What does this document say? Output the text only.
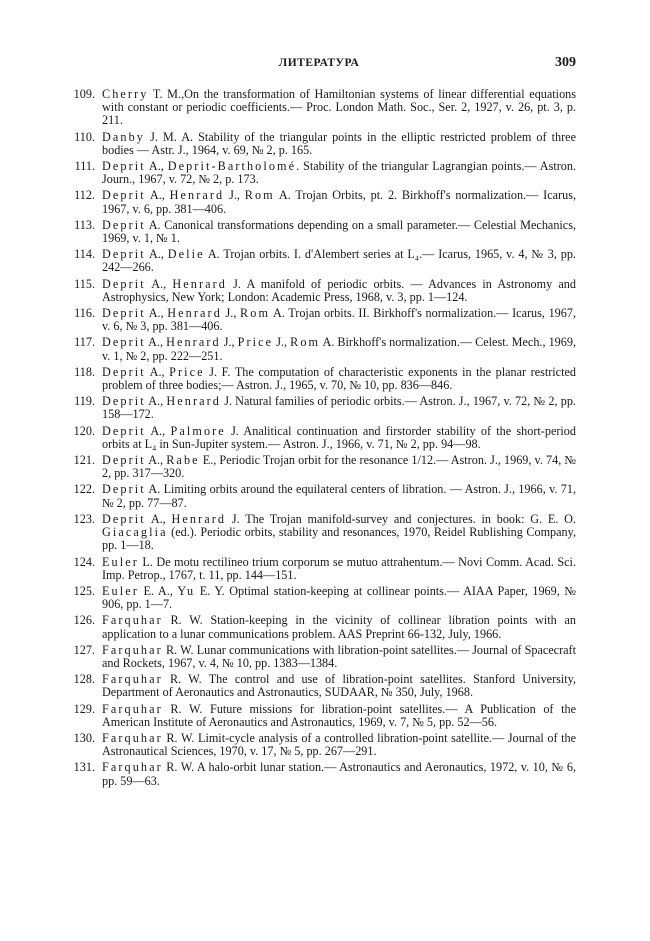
ЛИТЕРАТУРА	309
109. Cherry T. M.,On the transformation of Hamiltonian systems of linear differential equations with constant or periodic coefficients.— Proc. London Math. Soc., Ser. 2, 1927, v. 26, pt. 3, p. 211.
110. Danby J. M. A. Stability of the triangular points in the elliptic restricted problem of three bodies — Astr. J., 1964, v. 69, № 2, p. 165.
111. Deprit A., Deprit-Bartholomé. Stability of the triangular Lagrangian points.— Astron. Journ., 1967, v. 72, № 2, p. 173.
112. Deprit A., Henrard J., Rom A. Trojan Orbits, pt. 2. Birkhoff's normalization.— Icarus, 1967, v. 6, pp. 381—406.
113. Deprit A. Canonical transformations depending on a small parameter.— Celestial Mechanics, 1969, v. 1, № 1.
114. Deprit A., Delie A. Trojan orbits. I. d'Alembert series at L₄.— Icarus, 1965, v. 4, № 3, pp. 242—266.
115. Deprit A., Henrard J. A manifold of periodic orbits. — Advances in Astronomy and Astrophysics, New York; London: Academic Press, 1968, v. 3, pp. 1—124.
116. Deprit A., Henrard J., Rom A. Trojan orbits. II. Birkhoff's normalization.— Icarus, 1967, v. 6, № 3, pp. 381—406.
117. Deprit A., Henrard J., Price J., Rom A. Birkhoff's normalization.— Celest. Mech., 1969, v. 1, № 2, pp. 222—251.
118. Deprit A., Price J. F. The computation of characteristic exponents in the planar restricted problem of three bodies;— Astron. J., 1965, v. 70, № 10, pp. 836—846.
119. Deprit A., Henrard J. Natural families of periodic orbits.— Astron. J., 1967, v. 72, № 2, pp. 158—172.
120. Deprit A., Palmore J. Analitical continuation and firstorder stability of the short-period orbits at L₄ in Sun-Jupiter system.— Astron. J., 1966, v. 71, № 2, pp. 94—98.
121. Deprit A., Rabe E., Periodic Trojan orbit for the resonance 1/12.— Astron. J., 1969, v. 74, № 2, pp. 317—320.
122. Deprit A. Limiting orbits around the equilateral centers of libration. — Astron. J., 1966, v. 71, № 2, pp. 77—87.
123. Deprit A., Henrard J. The Trojan manifold-survey and conjectures. in book: G. E. O. Giacaglia (ed.). Periodic orbits, stability and resonances, 1970, Reidel Rublishing Company, pp. 1—18.
124. Euler L. De motu rectilineo trium corporum se mutuo attrahentum.— Novi Comm. Acad. Sci. Imp. Petrop., 1767, t. 11, pp. 144—151.
125. Euler E. A., Yu E. Y. Optimal station-keeping at collinear points.— AIAA Paper, 1969, № 906, pp. 1—7.
126. Farquhar R. W. Station-keeping in the vicinity of collinear libration points with an application to a lunar communications problem. AAS Preprint 66-132, July, 1966.
127. Farquhar R. W. Lunar communications with libration-point satellites.— Journal of Spacecraft and Rockets, 1967, v. 4, № 10, pp. 1383—1384.
128. Farquhar R. W. The control and use of libration-point satellites. Stanford University, Department of Aeronautics and Astronautics, SUDAAR, № 350, July, 1968.
129. Farquhar R. W. Future missions for libration-point satellites.— A Publication of the American Institute of Aeronautics and Astronautics, 1969, v. 7, № 5, pp. 52—56.
130. Farquhar R. W. Limit-cycle analysis of a controlled libration-point satellite.— Journal of the Astronautical Sciences, 1970, v. 17, № 5, pp. 267—291.
131. Farquhar R. W. A halo-orbit lunar station.— Astronautics and Aeronautics, 1972, v. 10, № 6, pp. 59—63.
